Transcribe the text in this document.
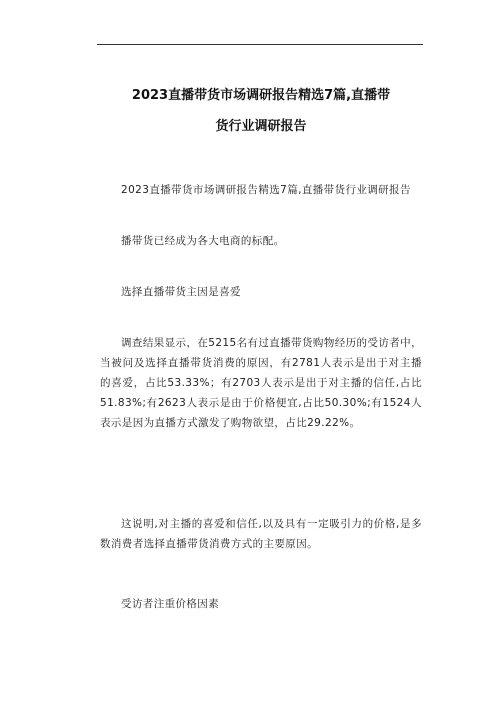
2023直播带货市场调研报告精选7篇,直播带
货行业调研报告

2023直播带货市场调研报告精选7篇,直播带货行业调研报告

播带货已经成为各大电商的标配。

选择直播带货主因是喜爱

调查结果显示，在5215名有过直播带货购物经历的受访者中，当被问及选择直播带货消费的原因，有2781人表示是出于对主播的喜爱，占比53.33%；有2703人表示是出于对主播的信任,占比51.83%;有2623人表示是由于价格便宜,占比50.30%;有1524人表示是因为直播方式激发了购物欲望，占比29.22%。

这说明,对主播的喜爱和信任,以及具有一定吸引力的价格,是多数消费者选择直播带货消费方式的主要原因。

受访者注重价格因素
